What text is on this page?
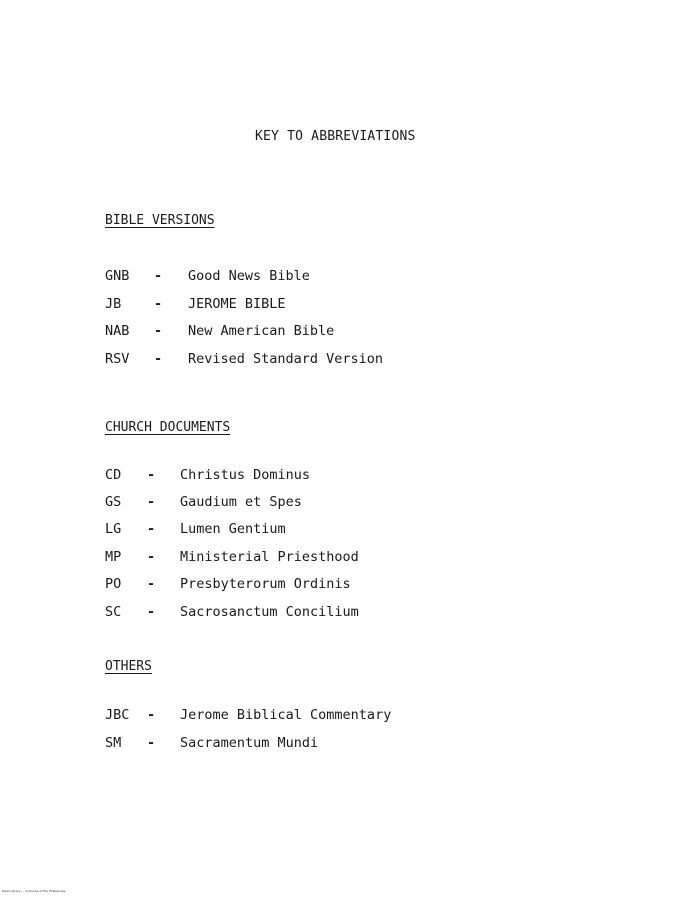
KEY TO ABBREVIATIONS
BIBLE VERSIONS
GNB - Good News Bible
JB - JEROME BIBLE
NAB - New American Bible
RSV - Revised Standard Version
CHURCH DOCUMENTS
CD - Christus Dominus
GS - Gaudium et Spes
LG - Lumen Gentium
MP - Ministerial Priesthood
PO - Presbyterorum Ordinis
SC - Sacrosanctum Concilium
OTHERS
JBC - Jerome Biblical Commentary
SM - Sacramentum Mundi
Rizal Library — Archives of the Philippines
